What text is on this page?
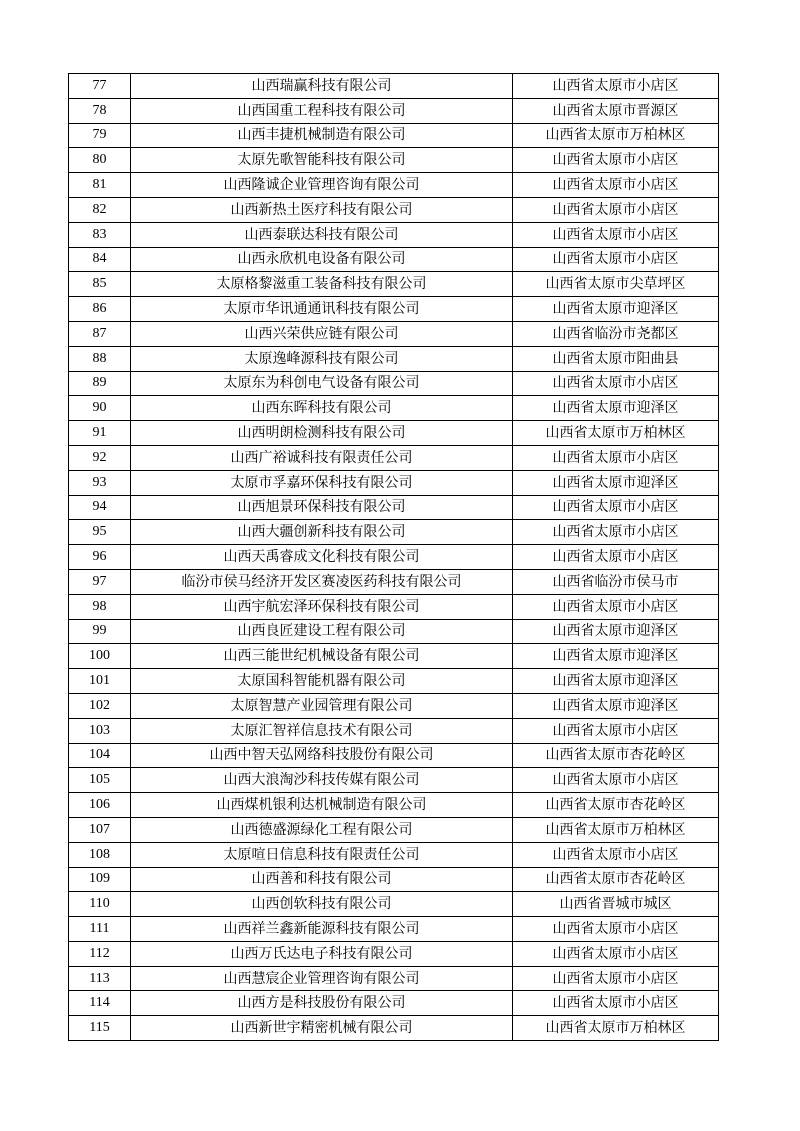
77	山西瑞赢科技有限公司	山西省太原市小店区
78	山西国重工程科技有限公司	山西省太原市晋源区
79	山西丰捷机械制造有限公司	山西省太原市万柏林区
80	太原先歌智能科技有限公司	山西省太原市小店区
81	山西隆诚企业管理咨询有限公司	山西省太原市小店区
82	山西新热土医疗科技有限公司	山西省太原市小店区
83	山西泰联达科技有限公司	山西省太原市小店区
84	山西永欣机电设备有限公司	山西省太原市小店区
85	太原格黎滋重工装备科技有限公司	山西省太原市尖草坪区
86	太原市华讯通通讯科技有限公司	山西省太原市迎泽区
87	山西兴荣供应链有限公司	山西省临汾市尧都区
88	太原逸峰源科技有限公司	山西省太原市阳曲县
89	太原东为科创电气设备有限公司	山西省太原市小店区
90	山西东晖科技有限公司	山西省太原市迎泽区
91	山西明朗检测科技有限公司	山西省太原市万柏林区
92	山西广裕诚科技有限责任公司	山西省太原市小店区
93	太原市孚嘉环保科技有限公司	山西省太原市迎泽区
94	山西旭景环保科技有限公司	山西省太原市小店区
95	山西大疆创新科技有限公司	山西省太原市小店区
96	山西天禹睿成文化科技有限公司	山西省太原市小店区
97	临汾市侯马经济开发区赛凌医药科技有限公司	山西省临汾市侯马市
98	山西宇航宏泽环保科技有限公司	山西省太原市小店区
99	山西良匠建设工程有限公司	山西省太原市迎泽区
100	山西三能世纪机械设备有限公司	山西省太原市迎泽区
101	太原国科智能机器有限公司	山西省太原市迎泽区
102	太原智慧产业园管理有限公司	山西省太原市迎泽区
103	太原汇智祥信息技术有限公司	山西省太原市小店区
104	山西中智天弘网络科技股份有限公司	山西省太原市杏花岭区
105	山西大浪淘沙科技传媒有限公司	山西省太原市小店区
106	山西煤机银利达机械制造有限公司	山西省太原市杏花岭区
107	山西德盛源绿化工程有限公司	山西省太原市万柏林区
108	太原喧日信息科技有限责任公司	山西省太原市小店区
109	山西善和科技有限公司	山西省太原市杏花岭区
110	山西创软科技有限公司	山西省晋城市城区
111	山西祥兰鑫新能源科技有限公司	山西省太原市小店区
112	山西万氏达电子科技有限公司	山西省太原市小店区
113	山西慧宸企业管理咨询有限公司	山西省太原市小店区
114	山西方是科技股份有限公司	山西省太原市小店区
115	山西新世宇精密机械有限公司	山西省太原市万柏林区
